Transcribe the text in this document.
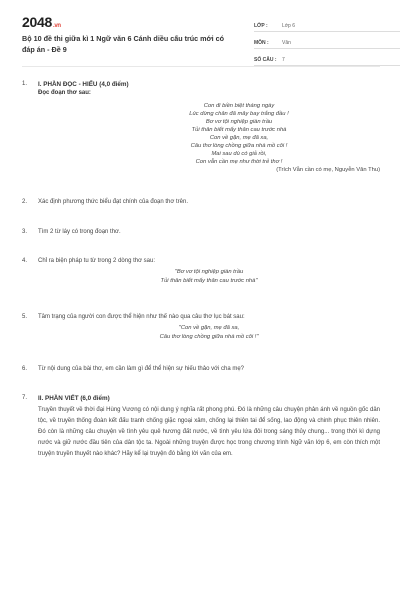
2048.vn
Bộ 10 đề thi giữa kì 1 Ngữ văn 6 Cánh diều cấu trúc mới có đáp án - Đề 9
LỚP :	Lớp 6
MÔN :	Văn
SỐ CÂU :	7
1.	I. PHẦN ĐỌC - HIỂU (4,0 điểm)
Đọc đoạn thơ sau:
Con đi biền biệt tháng ngày
Lúc dừng chân đã mây bay trắng đầu !
Bơ vơ tội nghiệp giàn trầu
Tủi thân biết mấy thân cau trước nhà
Con về gặn, mẹ đã xa,
Câu thơ lòng chồng giữa nhà mồ côi !
Mai sau dù có giả rồi,
Con vẫn cần mẹ như thời trẻ thơ !
(Trích Vẫn cần có mẹ, Nguyễn Văn Thu)
2.	Xác định phương thức biểu đạt chính của đoạn thơ trên.
3.	Tìm 2 từ láy có trong đoạn thơ.
4.	Chỉ ra biện pháp tu từ trong 2 dòng thơ sau:
"Bơ vơ tội nghiệp giàn trầu
Tủi thân biết mấy thân cau trước nhà"
5.	Tâm trạng của người con được thể hiện như thế nào qua câu thơ lục bát sau:
"Con về gặn, mẹ đã xa,
Câu thơ lòng chồng giữa nhà mồ côi !"
6.	Từ nội dung của bài thơ, em cần làm gì để thể hiện sự hiếu thảo với cha mẹ?
7.	II. PHẦN VIẾT (6,0 điểm)
Truyền thuyết về thời đại Hùng Vương có nội dung ý nghĩa rất phong phú. Đó là những câu chuyện phản ánh về nguồn gốc dân tộc, về truyền thống đoàn kết đấu tranh chống giặc ngoại xâm, chống lại thiên tai để sống, lao động và chinh phục thiên nhiên. Đó còn là những câu chuyện về tình yêu quê hương đất nước, về tình yêu lứa đôi trong sáng thủy chung... trong thời kì dựng nước và giữ nước đầu tiên của dân tộc ta. Ngoài những truyện được học trong chương trình Ngữ văn lớp 6, em còn thích một truyện truyền thuyết nào khác? Hãy kể lại truyện đó bằng lời văn của em.
